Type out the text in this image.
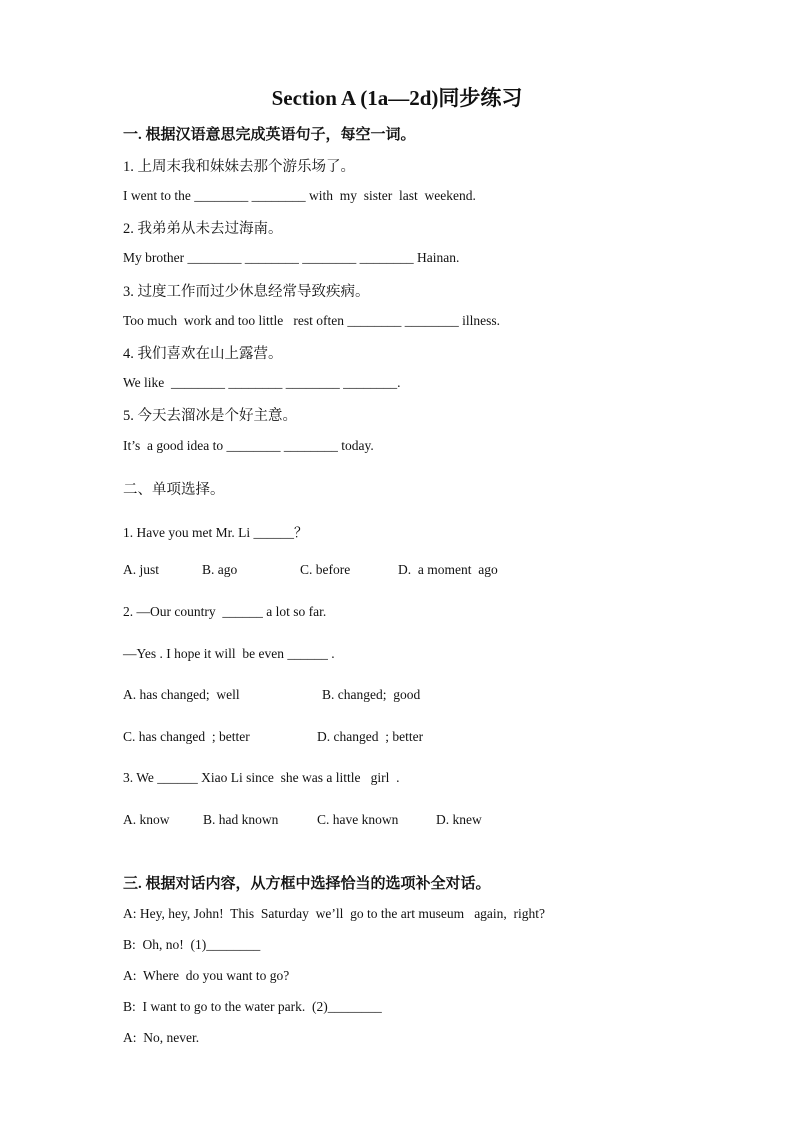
Section A (1a—2d)同步练习
一. 根据汉语意思完成英语句子，每空一词。
1. 上周末我和妹妹去那个游乐场了。
I went to the ________ ________ with  my  sister  last  weekend.
2. 我弟弟从未去过海南。
My brother ________ ________ ________ ________ Hainan.
3. 过度工作而过少休息经常导致疾病。
Too much  work and too little   rest often ________ ________ illness.
4. 我们喜欢在山上露营。
We like  ________ ________ ________ ________.
5. 今天去溜冰是个好主意。
It’s  a good idea to ________ ________ today.
二、单项选择。
1. Have you met Mr. Li ______？
A. just	B. ago	C. before	D.  a moment  ago
2. —Our country  ______ a lot so far.
—Yes . I hope it will  be even ______ .
A. has changed;  well	B. changed;  good
C. has changed  ; better	D. changed  ; better
3. We ______ Xiao Li since  she was a little   girl  .
A. know B. had known	C. have known	D. knew
三. 根据对话内容，从方框中选择恰当的选项补全对话。
A: Hey, hey, John!  This  Saturday  we’ll  go to the art museum   again,  right?
B:  Oh, no!  (1)________
A:  Where  do you want to go?
B:  I want to go to the water park.  (2)________
A:  No, never.
